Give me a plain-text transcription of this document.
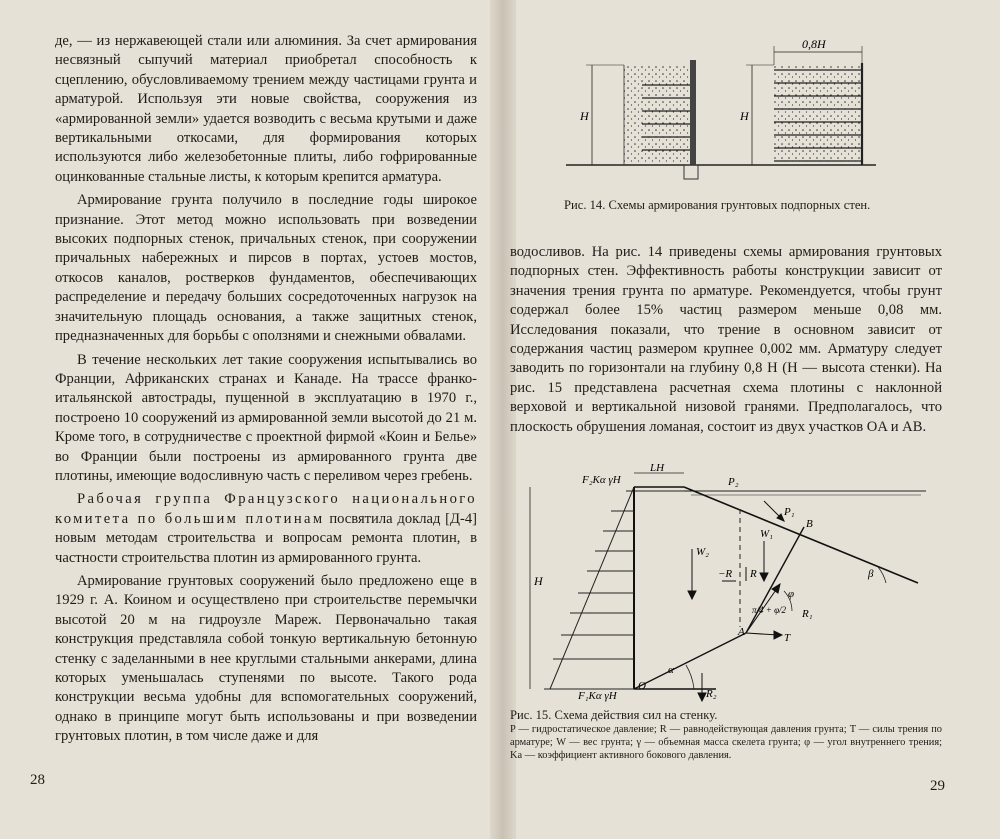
де, — из нержавеющей стали или алюминия. За счет армирования несвязный сыпучий материал приобретал способность к сцеплению, обусловливаемому трением между частицами грунта и арматурой. Используя эти новые свойства, сооружения из «армированной земли» удается возводить с весьма крутыми и даже вертикальными откосами, для формирования которых используются либо железобетонные плиты, либо гофрированные оцинкованные стальные листы, к которым крепится арматура.

Армирование грунта получило в последние годы широкое признание. Этот метод можно использовать при возведении высоких подпорных стенок, причальных стенок, при сооружении причальных набережных и пирсов в портах, устоев мостов, откосов каналов, ростверков фундаментов, обеспечивающих распределение и передачу больших сосредоточенных нагрузок на значительную площадь основания, а также защитных стенок, предназначенных для борьбы с оползнями и снежными обвалами.

В течение нескольких лет такие сооружения испытывались во Франции, Африканских странах и Канаде. На трассе франко-итальянской автострады, пущенной в эксплуатацию в 1970 г., построено 10 сооружений из армированной земли высотой до 21 м. Кроме того, в сотрудничестве с проектной фирмой «Коин и Белье» во Франции были построены из армированного грунта две плотины, имеющие водосливную часть с переливом через гребень.

Рабочая группа Французского национального комитета по большим плотинам посвятила доклад [Д-4] новым методам строительства и вопросам ремонта плотин, в частности строительства плотин из армированного грунта.

Армирование грунтовых сооружений было предложено еще в 1929 г. А. Коином и осуществлено при строительстве перемычки высотой 20 м на гидроузле Мареж. Первоначально такая конструкция представляла собой тонкую вертикальную бетонную стенку с заделанными в нее круглыми стальными анкерами, длина которых уменьшалась ступенями по высоте. Такого рода конструкции весьма удобны для вспомогательных сооружений, однако в принципе могут быть использованы и при возведении грунтовых плотин, в том числе даже и для

28
H	H
0,8H
Рис. 14. Схемы армирования грунтовых подпорных стен.

водосливов. На рис. 14 приведены схемы армирования грунтовых подпорных стен. Эффективность работы конструкции зависит от значения трения грунта по арматуре. Рекомендуется, чтобы грунт содержал более 15% частиц размером меньше 0,08 мм. Исследования показали, что трение в основном зависит от содержания частиц размером крупнее 0,002 мм. Арматуру следует заводить по горизонтали на глубину 0,8 H (H — высота стенки). На рис. 15 представлена расчетная схема плотины с наклонной верховой и вертикальной низовой гранями. Предполагалось, что плоскость обрушения ломаная, состоит из двух участков OA и AB.

H
F₂Kα γH
F₁Kα γH
LH
P₂
P₁
B
W₁
W₂
−R R
φ
π/4 + φ/2 R₁
β
A	T
α
O
R₂
Рис. 15. Схема действия сил на стенку.
P — гидростатическое давление; R — равнодействующая давления грунта; T — силы трения по арматуре; W — вес грунта; γ — объемная масса скелета грунта; φ — угол внутреннего трения; Ka — коэффициент активного бокового давления.
29
